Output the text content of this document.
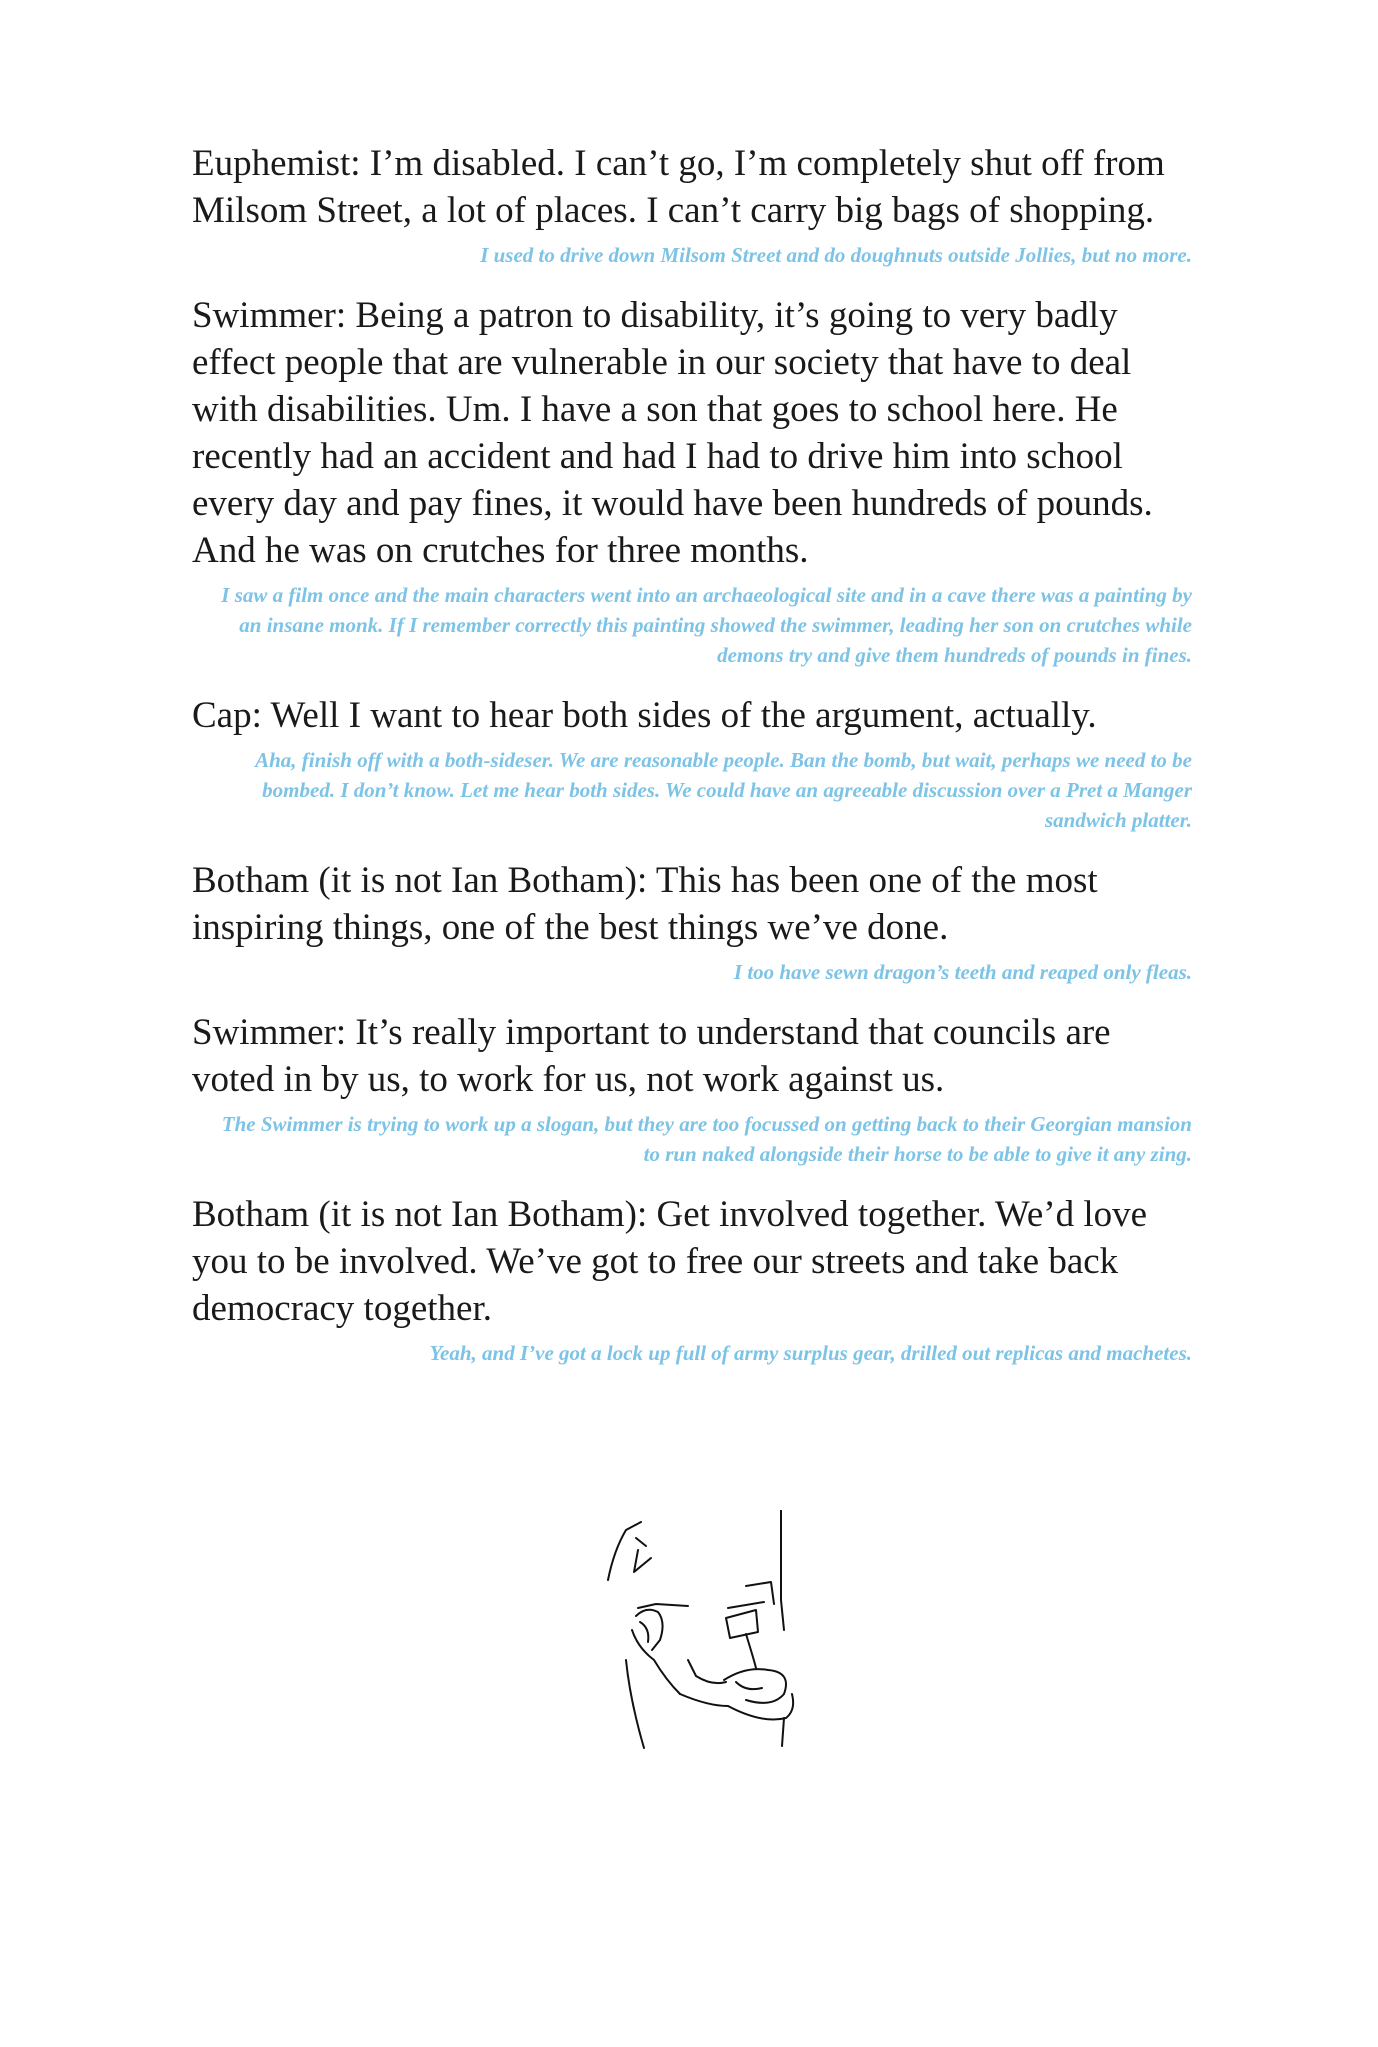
Euphemist: I’m disabled. I can’t go, I’m completely shut off from Milsom Street, a lot of places. I can’t carry big bags of shopping.

I used to drive down Milsom Street and do doughnuts outside Jollies, but no more.

Swimmer: Being a patron to disability, it’s going to very badly effect people that are vulnerable in our society that have to deal with disabilities. Um. I have a son that goes to school here. He recently had an accident and had I had to drive him into school every day and pay fines, it would have been hundreds of pounds. And he was on crutches for three months.

I saw a film once and the main characters went into an archaeological site and in a cave there was a painting by an insane monk. If I remember correctly this painting showed the swimmer, leading her son on crutches while demons try and give them hundreds of pounds in fines.

Cap: Well I want to hear both sides of the argument, actually.

Aha, finish off with a both-sideser. We are reasonable people. Ban the bomb, but wait, perhaps we need to be bombed. I don’t know. Let me hear both sides. We could have an agreeable discussion over a Pret a Manger sandwich platter.

Botham (it is not Ian Botham): This has been one of the most inspiring things, one of the best things we’ve done.

I too have sewn dragon’s teeth and reaped only fleas.

Swimmer: It’s really important to understand that councils are voted in by us, to work for us, not work against us.

The Swimmer is trying to work up a slogan, but they are too focussed on getting back to their Georgian mansion to run naked alongside their horse to be able to give it any zing.

Botham (it is not Ian Botham): Get involved together. We’d love you to be involved. We’ve got to free our streets and take back democracy together.

Yeah, and I’ve got a lock up full of army surplus gear, drilled out replicas and machetes.
